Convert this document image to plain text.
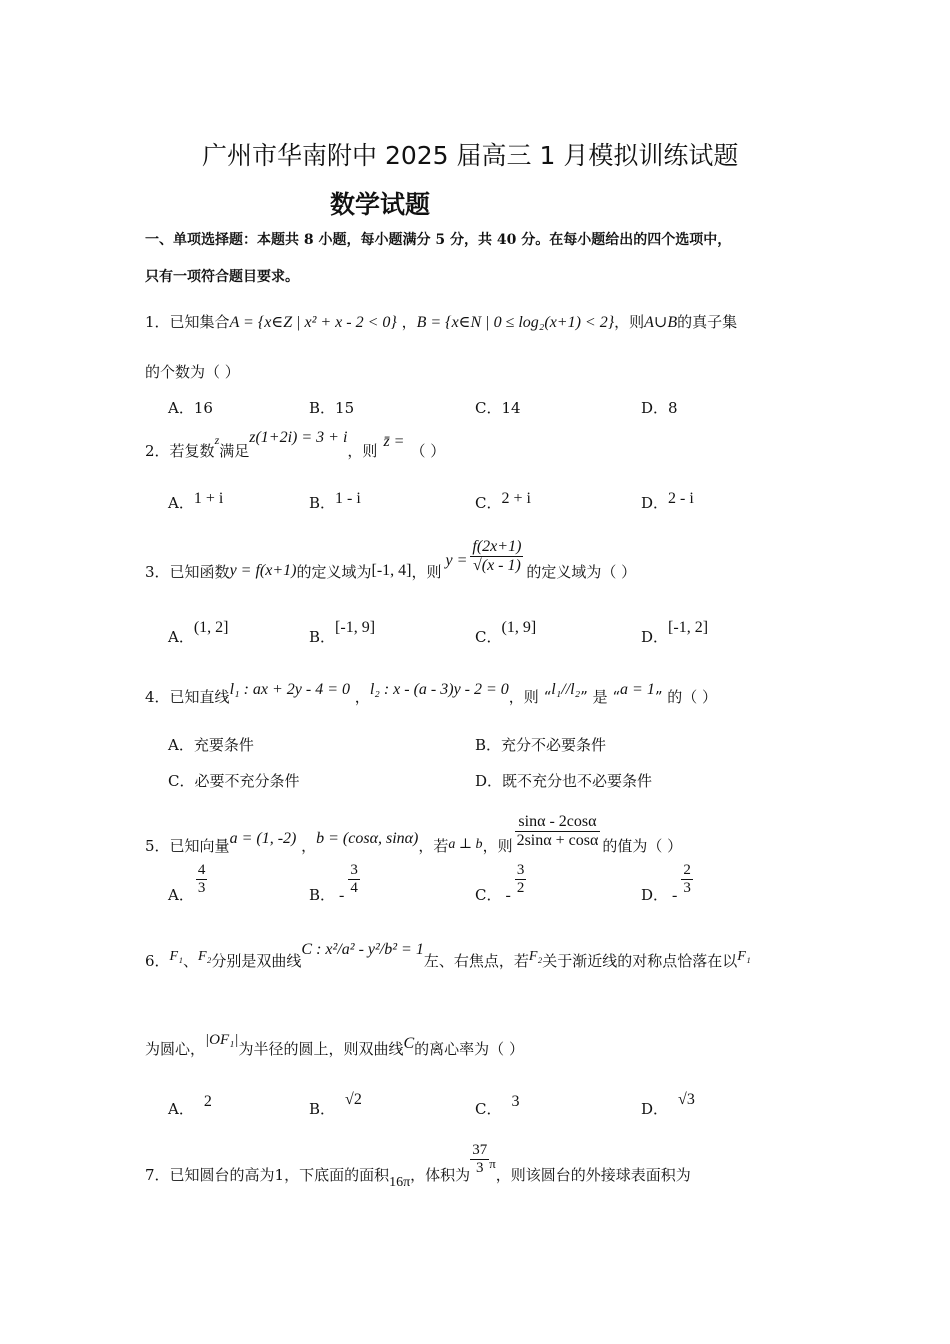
广州市华南附中 2025 届高三 1 月模拟训练试题
数学试题
一、单项选择题：本题共 8 小题，每小题满分 5 分，共 40 分。在每小题给出的四个选项中，
只有一项符合题目要求。
1．已知集合A = {x∈Z | x² + x - 2 < 0} ，B = {x∈N | 0 ≤ log₂(x+1) < 2}，则A∪B的真子集
的个数为（ ）
A．16	B．15	C．14	D．8
2．若复数$^z$满足z(1+2i) = 3 + i，则z̄ =（ ）
A．1 + i	B．1 - i	C．2 + i	D．2 - i
3．已知函数y = f(x+1)的定义域为[-1, 4]，则$y = \frac{f(2x+1)}{√(x - 1)}$ 的定义域为（ ）
A．(1, 2]
B．[-1, 9]
C．(1, 9]
D．[-1, 2]
4．已知直线l₁ : ax + 2y - 4 = 0 ，l₂ : x - (a - 3)y - 2 = 0，则 “l₁//l₂” 是 “a = 1” 的（ ）
A．充要条件	B．充分不必要条件
C．必要不充分条件	D．既不充分也不必要条件
5．已知向量a = (1, -2) ，b = (cosα, sinα)，若a ⊥ b，则 $\frac{\sin\alpha - 2\cos\alpha}{2\sin\alpha + \cos\alpha}$ 的值为（ ）
A． $\frac{4}{3}$	B． - $\frac{3}{4}$	C． - $\frac{3}{2}$	D． - $\frac{2}{3}$
6．F₁、F₂分别是双曲线C : x²/a² - y²/b² = 1左、右焦点，若F₂关于渐近线的对称点恰落在以F₁
为圆心，|OF₁|为半径的圆上，则双曲线C的离心率为（ ）
A． 2	B．√2
C． 3	D．√3
7．已知圆台的高为1，下底面的面积16π，体积为 $\frac{37}{3}$ π，则该圆台的外接球表面积为
